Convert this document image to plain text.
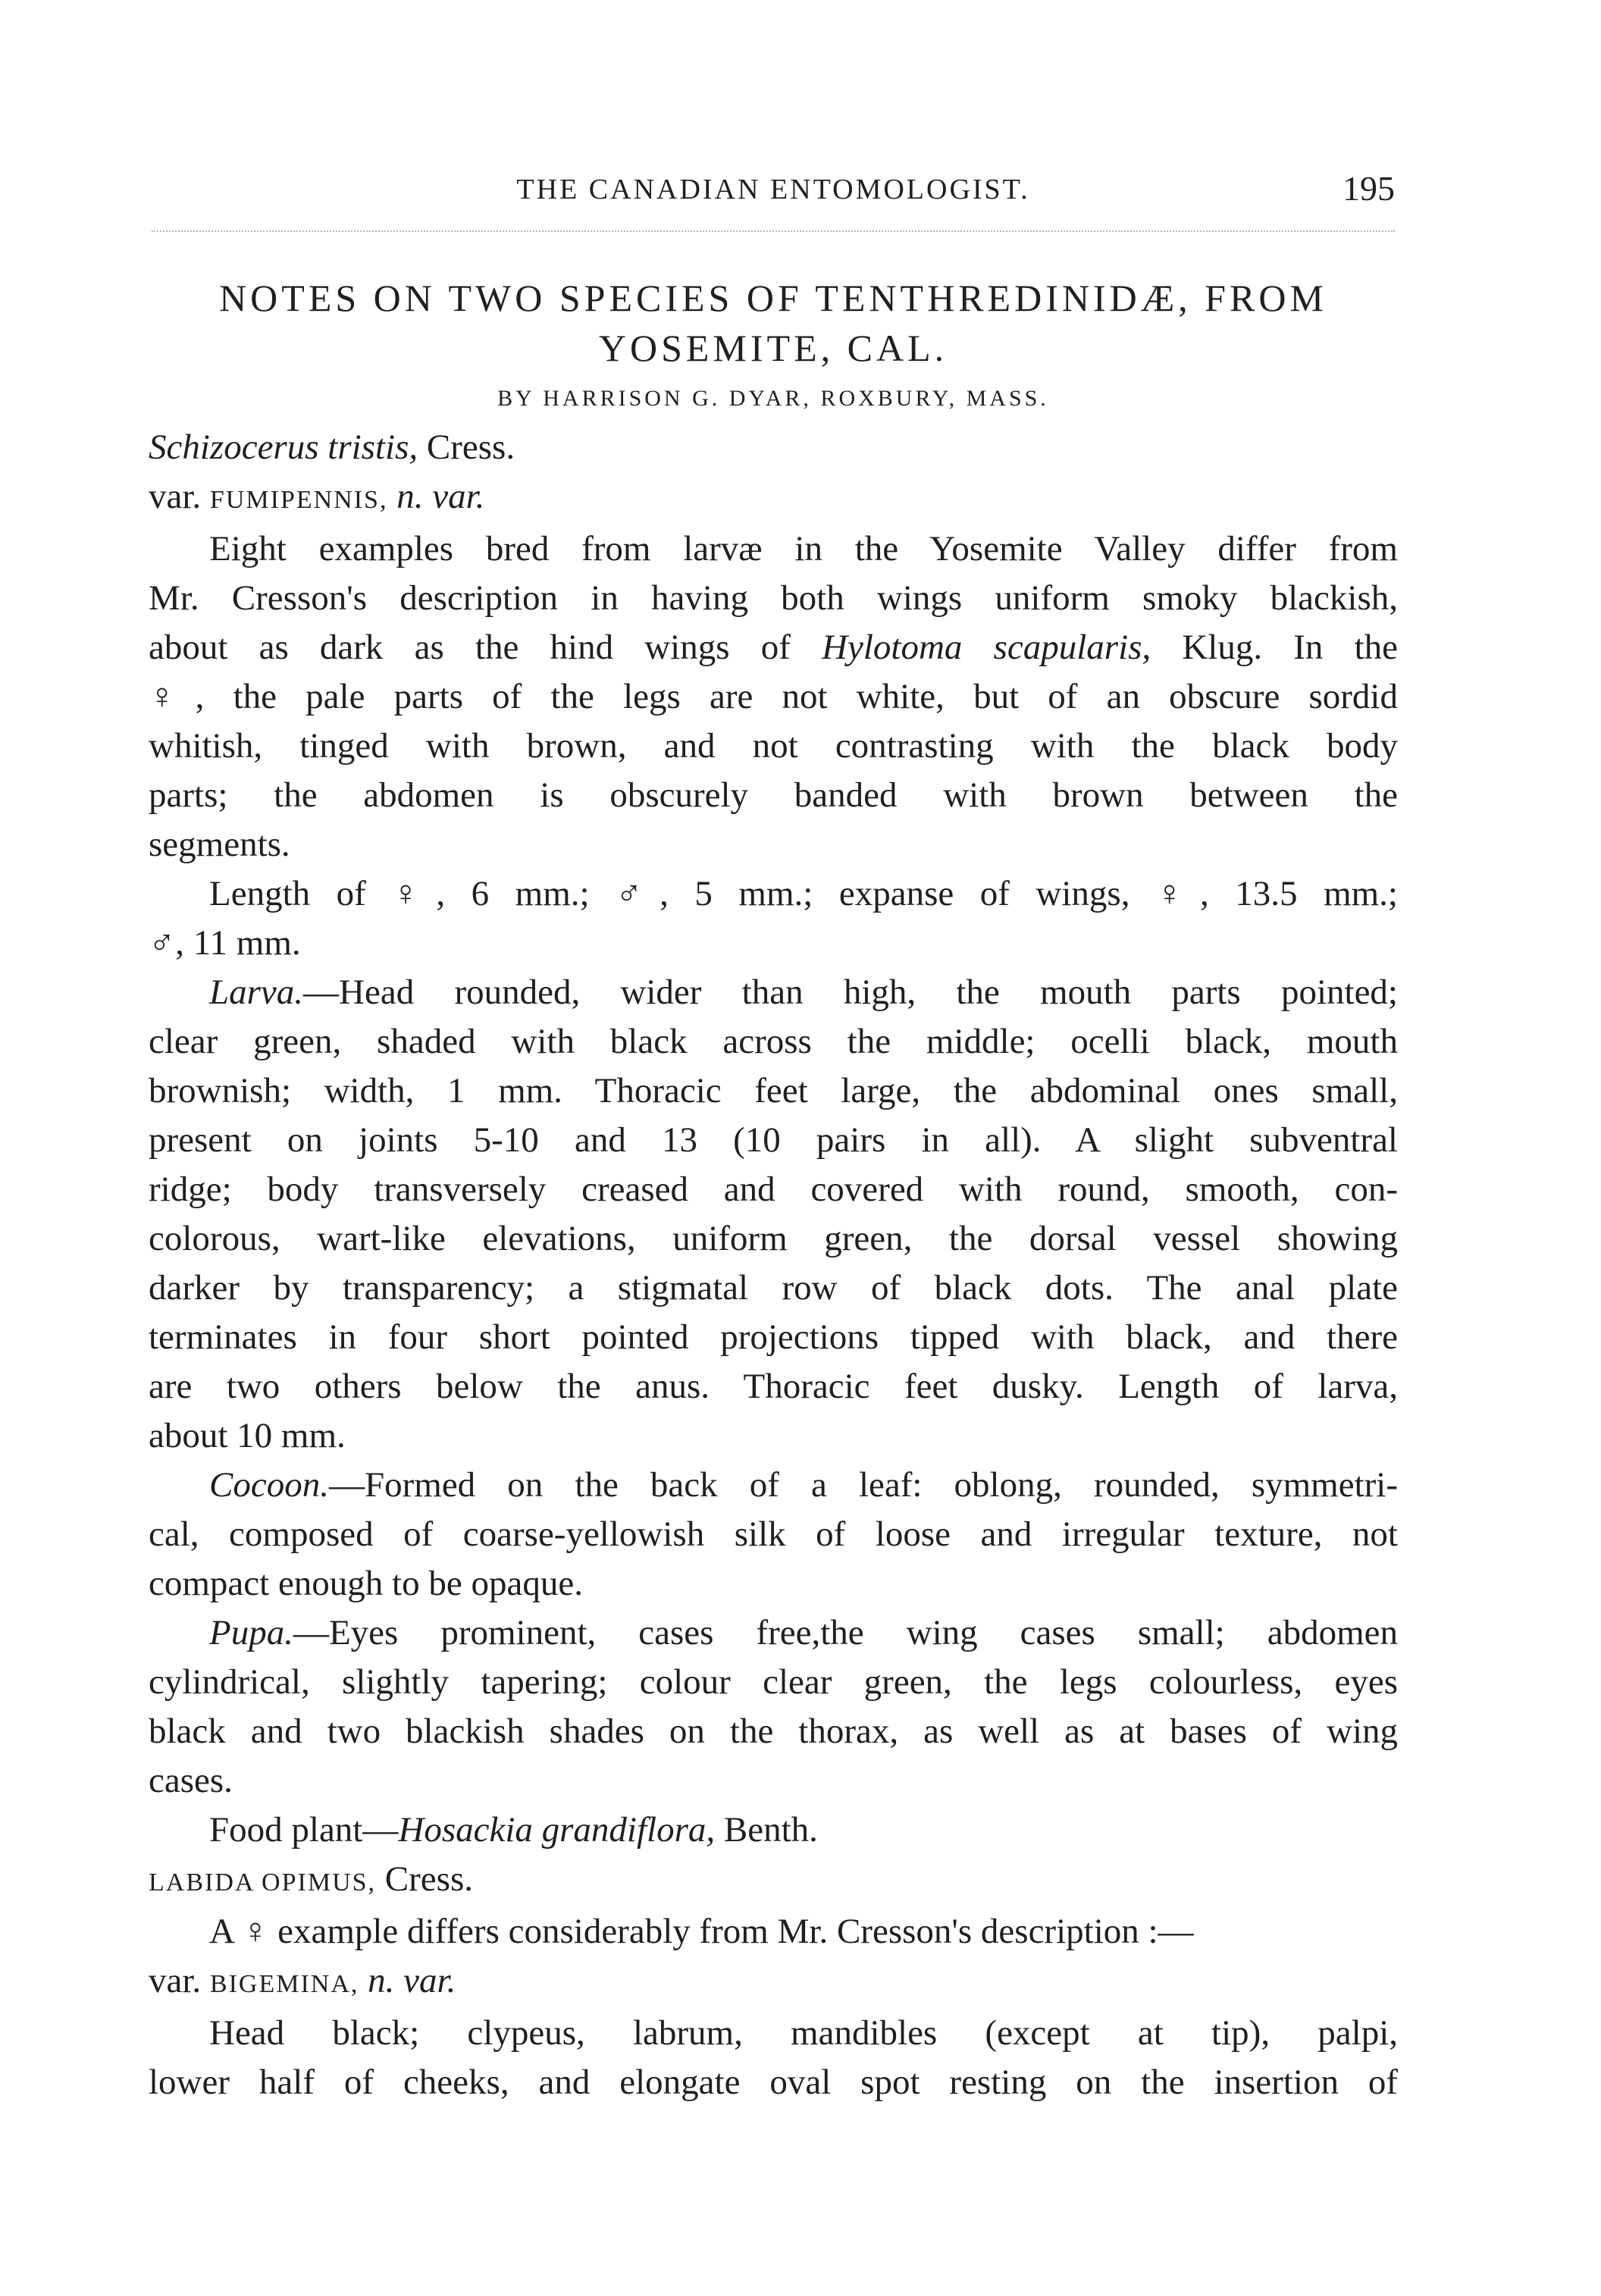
THE CANADIAN ENTOMOLOGIST.	195
NOTES ON TWO SPECIES OF TENTHREDINIDÆ, FROM
YOSEMITE, CAL.
BY HARRISON G. DYAR, ROXBURY, MASS.

Schizocerus tristis, Cress.

var. FUMIPENNIS, n. var.

Eight examples bred from larvæ in the Yosemite Valley differ from

Mr. Cresson's description in having both wings uniform smoky blackish,

about as dark as the hind wings of Hylotoma scapularis, Klug. In the

♀, the pale parts of the legs are not white, but of an obscure sordid

whitish, tinged with brown, and not contrasting with the black body

parts; the abdomen is obscurely banded with brown between the

segments.

Length of ♀, 6 mm.; ♂, 5 mm.; expanse of wings, ♀, 13.5 mm.;

♂, 11 mm.

Larva.—Head rounded, wider than high, the mouth parts pointed;

clear green, shaded with black across the middle; ocelli black, mouth

brownish; width, 1 mm. Thoracic feet large, the abdominal ones small,

present on joints 5-10 and 13 (10 pairs in all). A slight subventral

ridge; body transversely creased and covered with round, smooth, con-

colorous, wart-like elevations, uniform green, the dorsal vessel showing

darker by transparency; a stigmatal row of black dots. The anal plate

terminates in four short pointed projections tipped with black, and there

are two others below the anus. Thoracic feet dusky. Length of larva,

about 10 mm.

Cocoon.—Formed on the back of a leaf: oblong, rounded, symmetri-

cal, composed of coarse-yellowish silk of loose and irregular texture, not

compact enough to be opaque.

Pupa.—Eyes prominent, cases free,the wing cases small; abdomen

cylindrical, slightly tapering; colour clear green, the legs colourless, eyes

black and two blackish shades on the thorax, as well as at bases of wing

cases.

Food plant—Hosackia grandiflora, Benth.

LABIDA OPIMUS, Cress.

A ♀ example differs considerably from Mr. Cresson's description :—

var. BIGEMINA, n. var.

Head black; clypeus, labrum, mandibles (except at tip), palpi,

lower half of cheeks, and elongate oval spot resting on the insertion of
